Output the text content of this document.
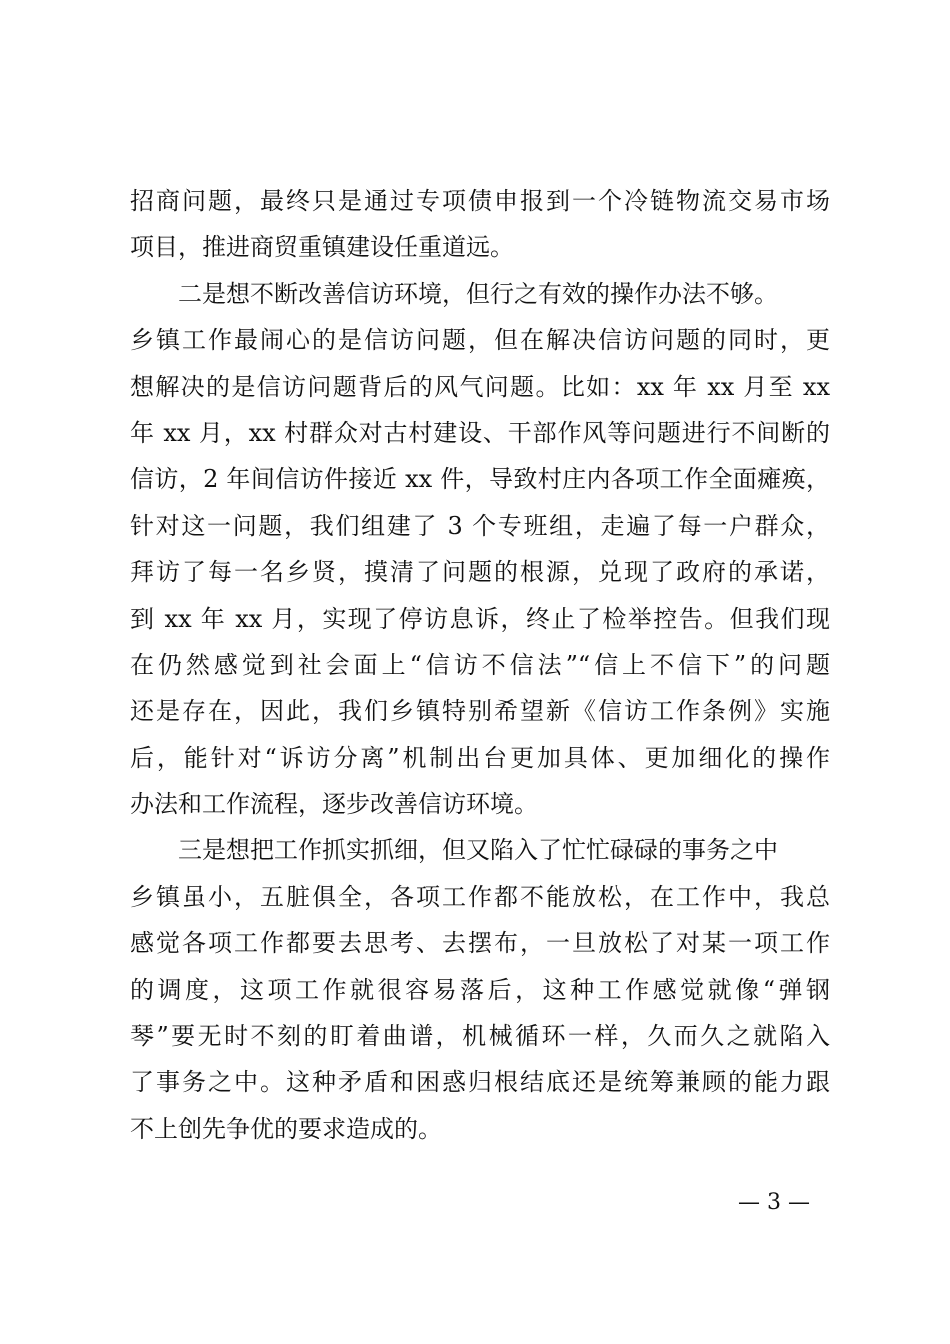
招商问题，最终只是通过专项债申报到一个冷链物流交易市场
项目，推进商贸重镇建设任重道远。
二是想不断改善信访环境，但行之有效的操作办法不够。
乡镇工作最闹心的是信访问题，但在解决信访问题的同时，更
想解决的是信访问题背后的风气问题。比如：xx 年 xx 月至 xx
年 xx 月，xx 村群众对古村建设、干部作风等问题进行不间断的
信访，2 年间信访件接近 xx 件，导致村庄内各项工作全面瘫痪，
针对这一问题，我们组建了 3 个专班组，走遍了每一户群众，
拜访了每一名乡贤，摸清了问题的根源，兑现了政府的承诺，
到 xx 年 xx 月，实现了停访息诉，终止了检举控告。但我们现
在仍然感觉到社会面上“信访不信法”“信上不信下”的问题
还是存在，因此，我们乡镇特别希望新《信访工作条例》实施
后，能针对“诉访分离”机制出台更加具体、更加细化的操作
办法和工作流程，逐步改善信访环境。
三是想把工作抓实抓细，但又陷入了忙忙碌碌的事务之中
乡镇虽小，五脏俱全，各项工作都不能放松，在工作中，我总
感觉各项工作都要去思考、去摆布，一旦放松了对某一项工作
的调度，这项工作就很容易落后，这种工作感觉就像“弹钢
琴”要无时不刻的盯着曲谱，机械循环一样，久而久之就陷入
了事务之中。这种矛盾和困惑归根结底还是统筹兼顾的能力跟
不上创先争优的要求造成的。
— 3 —
